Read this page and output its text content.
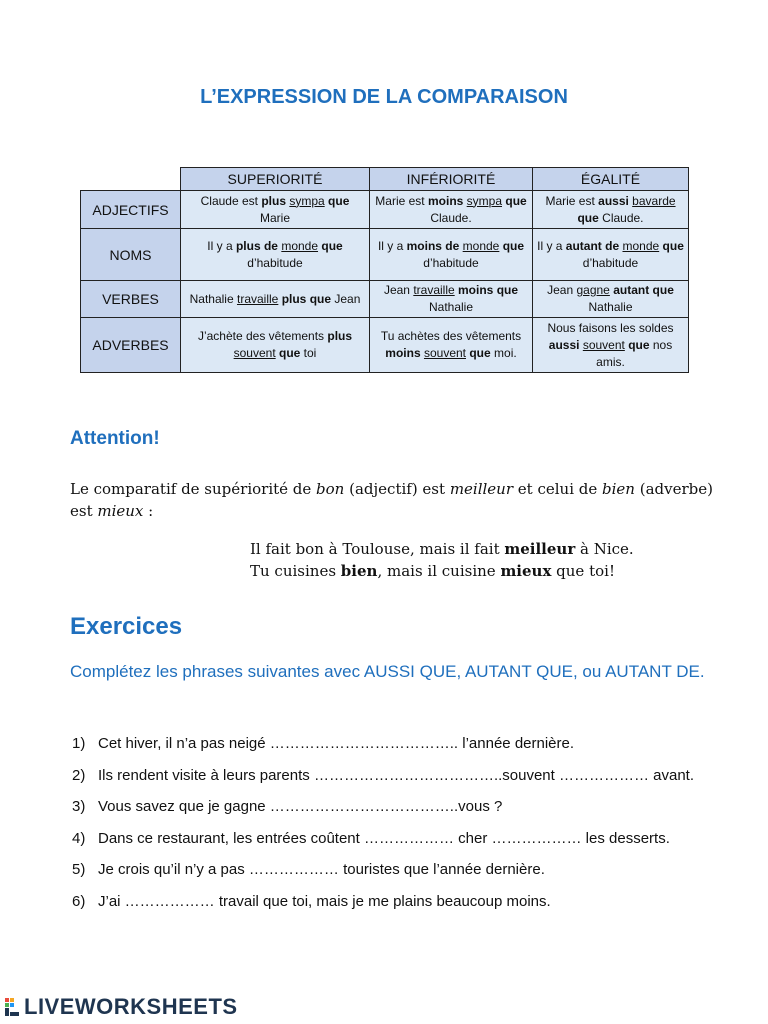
L’EXPRESSION DE LA COMPARAISON
	SUPERIORITÉ	INFÉRIORITÉ	ÉGALITÉ
ADJECTIFS	Claude est plus sympa que Marie	Marie est moins sympa que Claude.	Marie est aussi bavarde que Claude.
NOMS	Il y a plus de monde que d’habitude	Il y a moins de monde que d’habitude	Il y a autant de monde que d’habitude
VERBES	Nathalie travaille plus que Jean	Jean travaille moins que Nathalie	Jean gagne autant que Nathalie
ADVERBES	J’achète des vêtements plus souvent que toi	Tu achètes des vêtements moins souvent que moi.	Nous faisons les soldes aussi souvent que nos amis.
Attention!
Le comparatif de supériorité de bon (adjectif) est meilleur et celui de bien (adverbe) est mieux :
Il fait bon à Toulouse, mais il fait meilleur à Nice.
Tu cuisines bien, mais il cuisine mieux que toi!
Exercices
Complétez les phrases suivantes avec AUSSI QUE, AUTANT QUE, ou AUTANT DE.
1) Cet hiver, il n’a pas neigé ……………………………….. l’année dernière.
2) Ils rendent visite à leurs parents ………………………………..souvent ……………… avant.
3) Vous savez que je gagne ………………………………..vous ?
4) Dans ce restaurant, les entrées coûtent ……………… cher ……………… les desserts.
5) Je crois qu’il n’y a pas ……………… touristes que l’année dernière.
6) J’ai ……………… travail que toi, mais je me plains beaucoup moins.
LIVEWORKSHEETS
